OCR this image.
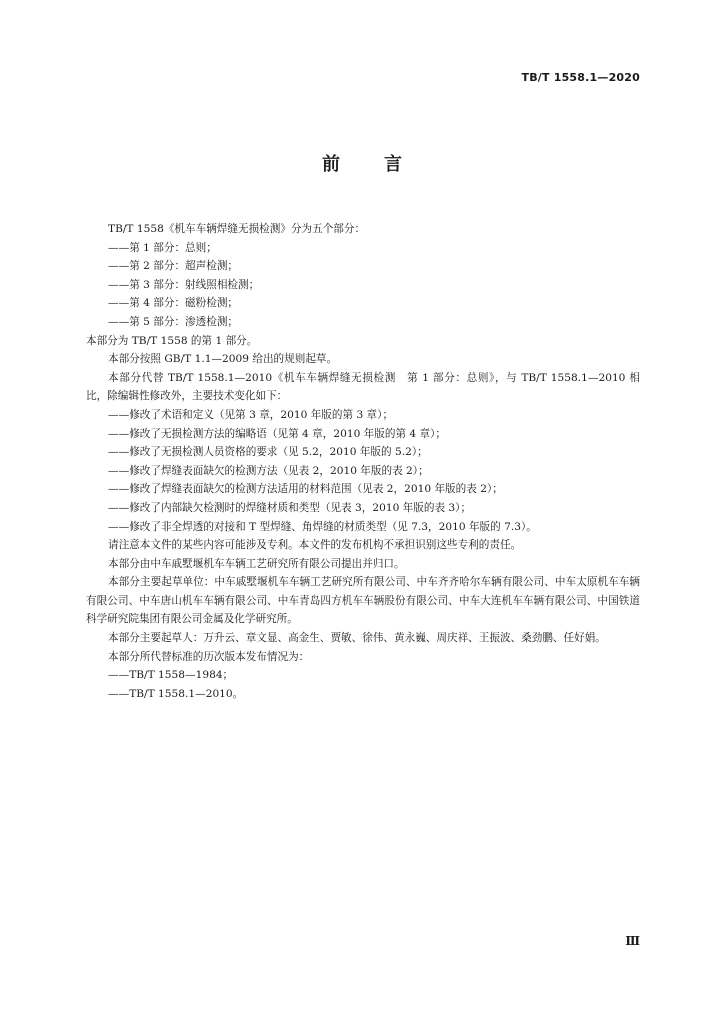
TB/T 1558.1—2020
前言

TB/T 1558《机车车辆焊缝无损检测》分为五个部分：

——第 1 部分：总则；

——第 2 部分：超声检测；

——第 3 部分：射线照相检测；

——第 4 部分：磁粉检测；

——第 5 部分：渗透检测；

本部分为 TB/T 1558 的第 1 部分。

本部分按照 GB/T 1.1—2009 给出的规则起草。

本部分代替 TB/T 1558.1—2010《机车车辆焊缝无损检测　第 1 部分：总则》，与 TB/T 1558.1—2010 相比，除编辑性修改外，主要技术变化如下：

——修改了术语和定义（见第 3 章，2010 年版的第 3 章）；

——修改了无损检测方法的编略语（见第 4 章，2010 年版的第 4 章）；

——修改了无损检测人员资格的要求（见 5.2，2010 年版的 5.2）；

——修改了焊缝表面缺欠的检测方法（见表 2，2010 年版的表 2）；

——修改了焊缝表面缺欠的检测方法适用的材料范围（见表 2，2010 年版的表 2）；

——修改了内部缺欠检测时的焊缝材质和类型（见表 3，2010 年版的表 3）；

——修改了非全焊透的对接和 T 型焊缝、角焊缝的材质类型（见 7.3，2010 年版的 7.3）。

请注意本文件的某些内容可能涉及专利。本文件的发布机构不承担识别这些专利的责任。

本部分由中车戚墅堰机车车辆工艺研究所有限公司提出并归口。

本部分主要起草单位：中车戚墅堰机车车辆工艺研究所有限公司、中车齐齐哈尔车辆有限公司、中车太原机车车辆有限公司、中车唐山机车车辆有限公司、中车青岛四方机车车辆股份有限公司、中车大连机车车辆有限公司、中国铁道科学研究院集团有限公司金属及化学研究所。

本部分主要起草人：万升云、章文显、高金生、贾敏、徐伟、黄永巍、周庆祥、王振波、桑劲鹏、任好娟。

本部分所代替标准的历次版本发布情况为：

——TB/T 1558—1984；

——TB/T 1558.1—2010。

Ⅲ
